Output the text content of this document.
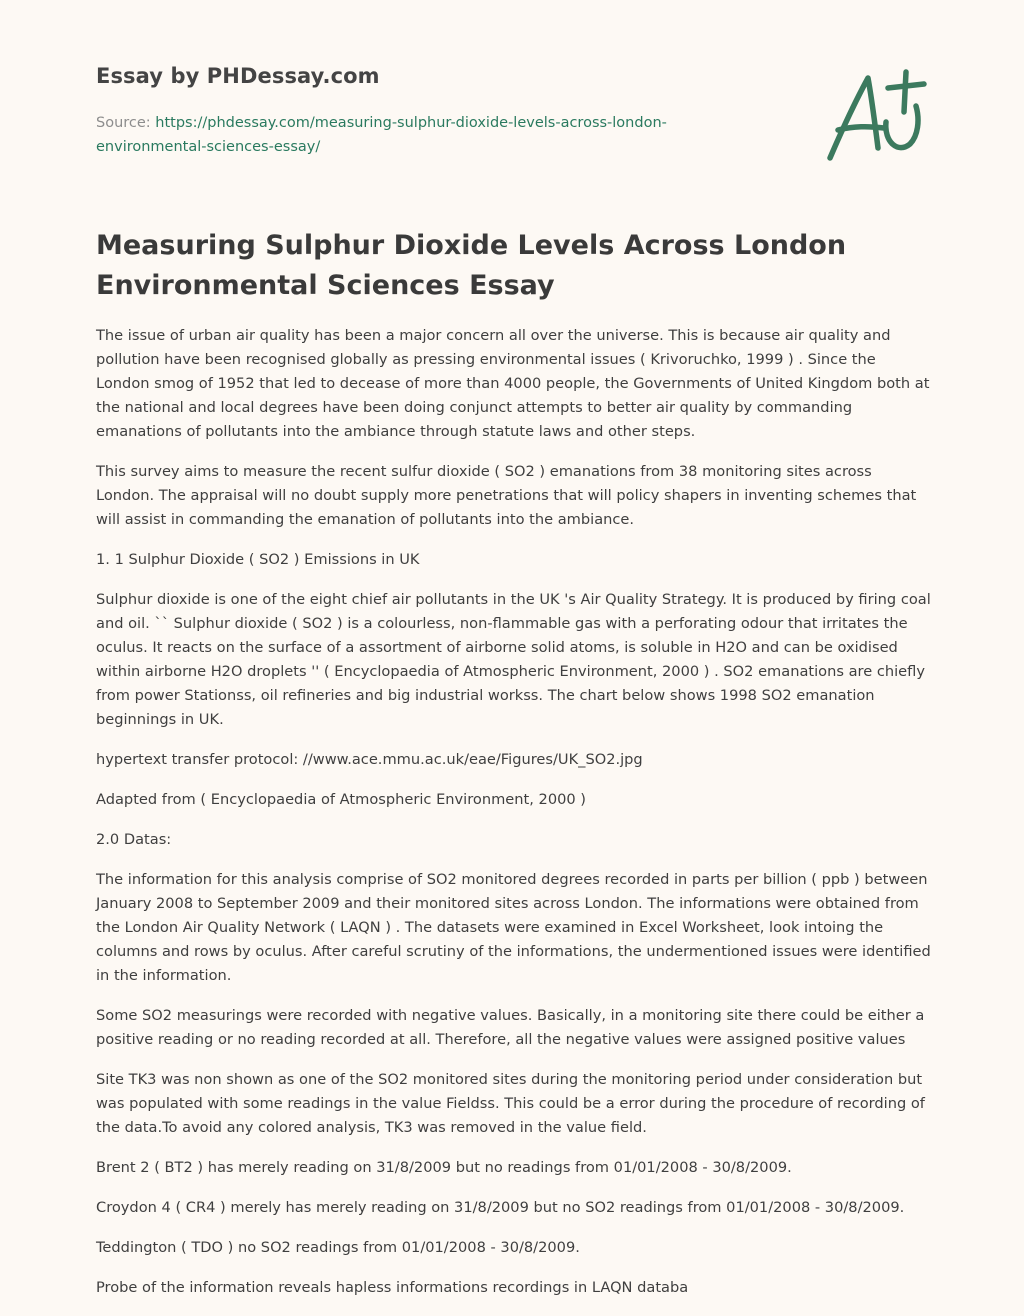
Essay by PHDessay.com
Source: https://phdessay.com/measuring-sulphur-dioxide-levels-across-london-environmental-sciences-essay/
Measuring Sulphur Dioxide Levels Across London Environmental Sciences Essay

The issue of urban air quality has been a major concern all over the universe. This is because air quality and pollution have been recognised globally as pressing environmental issues ( Krivoruchko, 1999 ) . Since the London smog of 1952 that led to decease of more than 4000 people, the Governments of United Kingdom both at the national and local degrees have been doing conjunct attempts to better air quality by commanding emanations of pollutants into the ambiance through statute laws and other steps.

This survey aims to measure the recent sulfur dioxide ( SO2 ) emanations from 38 monitoring sites across London. The appraisal will no doubt supply more penetrations that will policy shapers in inventing schemes that will assist in commanding the emanation of pollutants into the ambiance.

1. 1 Sulphur Dioxide ( SO2 ) Emissions in UK

Sulphur dioxide is one of the eight chief air pollutants in the UK 's Air Quality Strategy. It is produced by firing coal and oil. `` Sulphur dioxide ( SO2 ) is a colourless, non-flammable gas with a perforating odour that irritates the oculus. It reacts on the surface of a assortment of airborne solid atoms, is soluble in H2O and can be oxidised within airborne H2O droplets '' ( Encyclopaedia of Atmospheric Environment, 2000 ) . SO2 emanations are chiefly from power Stationss, oil refineries and big industrial workss. The chart below shows 1998 SO2 emanation beginnings in UK.

hypertext transfer protocol: //www.ace.mmu.ac.uk/eae/Figures/UK_SO2.jpg

Adapted from ( Encyclopaedia of Atmospheric Environment, 2000 )

2.0 Datas:

The information for this analysis comprise of SO2 monitored degrees recorded in parts per billion ( ppb ) between January 2008 to September 2009 and their monitored sites across London. The informations were obtained from the London Air Quality Network ( LAQN ) . The datasets were examined in Excel Worksheet, look intoing the columns and rows by oculus. After careful scrutiny of the informations, the undermentioned issues were identified in the information.

Some SO2 measurings were recorded with negative values. Basically, in a monitoring site there could be either a positive reading or no reading recorded at all. Therefore, all the negative values were assigned positive values

Site TK3 was non shown as one of the SO2 monitored sites during the monitoring period under consideration but was populated with some readings in the value Fieldss. This could be a error during the procedure of recording of the data.To avoid any colored analysis, TK3 was removed in the value field.

Brent 2 ( BT2 ) has merely reading on 31/8/2009 but no readings from 01/01/2008 - 30/8/2009.

Croydon 4 ( CR4 ) merely has merely reading on 31/8/2009 but no SO2 readings from 01/01/2008 - 30/8/2009.

Teddington ( TDO ) no SO2 readings from 01/01/2008 - 30/8/2009.

Probe of the information reveals hapless informations recordings in LAQN databa
